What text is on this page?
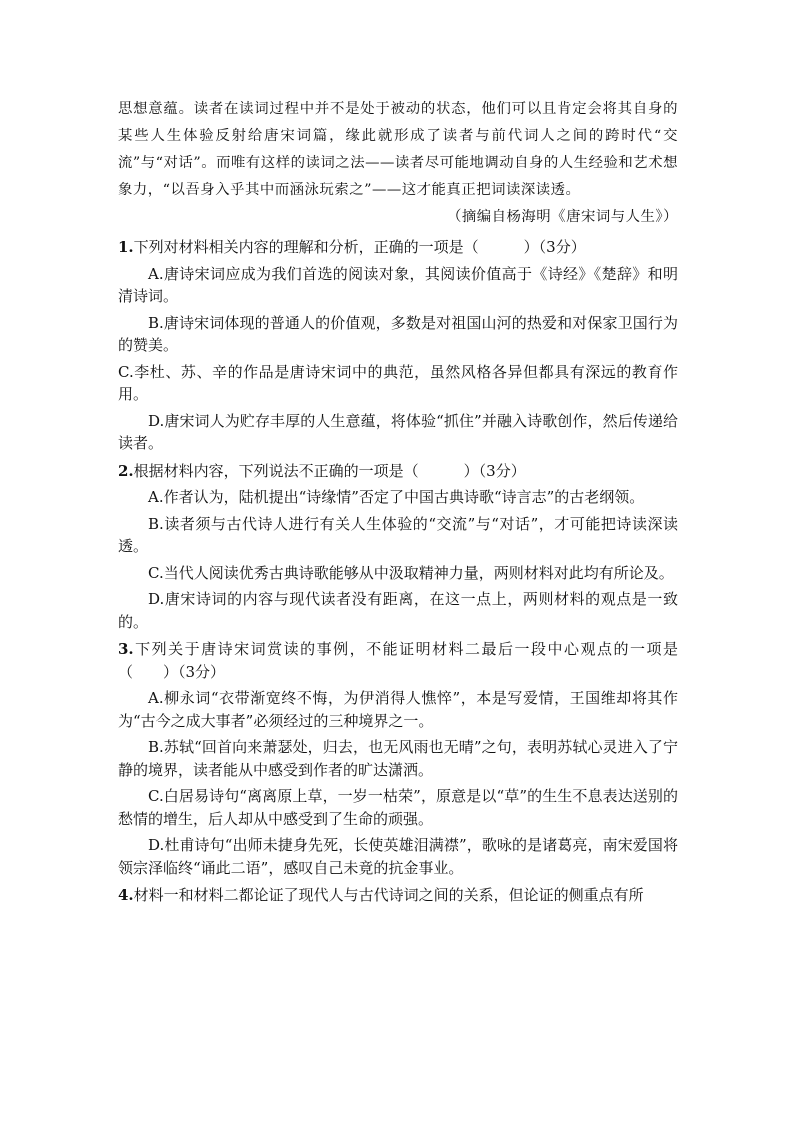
思想意蕴。读者在读词过程中并不是处于被动的状态，他们可以且肯定会将其自身的某些人生体验反射给唐宋词篇，缘此就形成了读者与前代词人之间的跨时代“交流”与“对话”。而唯有这样的读词之法——读者尽可能地调动自身的人生经验和艺术想象力，“以吾身入乎其中而涵泳玩索之”——这才能真正把词读深读透。
（摘编自杨海明《唐宋词与人生》）
1.下列对材料相关内容的理解和分析，正确的一项是（　　　）（3分）
A.唐诗宋词应成为我们首选的阅读对象，其阅读价值高于《诗经》《楚辞》和明清诗词。
B.唐诗宋词体现的普通人的价值观，多数是对祖国山河的热爱和对保家卫国行为的赞美。
C.李杜、苏、辛的作品是唐诗宋词中的典范，虽然风格各异但都具有深远的教育作用。
D.唐宋词人为贮存丰厚的人生意蕴，将体验“抓住”并融入诗歌创作，然后传递给读者。
2.根据材料内容，下列说法不正确的一项是（　　　）（3分）
A.作者认为，陆机提出“诗缘情”否定了中国古典诗歌“诗言志”的古老纲领。
B.读者须与古代诗人进行有关人生体验的“交流”与“对话”，才可能把诗读深读透。
C.当代人阅读优秀古典诗歌能够从中汲取精神力量，两则材料对此均有所论及。
D.唐宋诗词的内容与现代读者没有距离，在这一点上，两则材料的观点是一致的。
3.下列关于唐诗宋词赏读的事例，不能证明材料二最后一段中心观点的一项是（　　）（3分）
A.柳永词“衣带渐宽终不悔，为伊消得人憔悴”，本是写爱情，王国维却将其作为“古今之成大事者”必须经过的三种境界之一。
B.苏轼“回首向来萧瑟处，归去，也无风雨也无晴”之句，表明苏轼心灵进入了宁静的境界，读者能从中感受到作者的旷达潇洒。
C.白居易诗句“离离原上草，一岁一枯荣”，原意是以“草”的生生不息表达送别的愁情的增生，后人却从中感受到了生命的顽强。
D.杜甫诗句“出师未捷身先死，长使英雄泪满襟”，歌咏的是诸葛亮，南宋爱国将领宗泽临终“诵此二语”，感叹自己未竟的抗金事业。
4.材料一和材料二都论证了现代人与古代诗词之间的关系，但论证的侧重点有所
